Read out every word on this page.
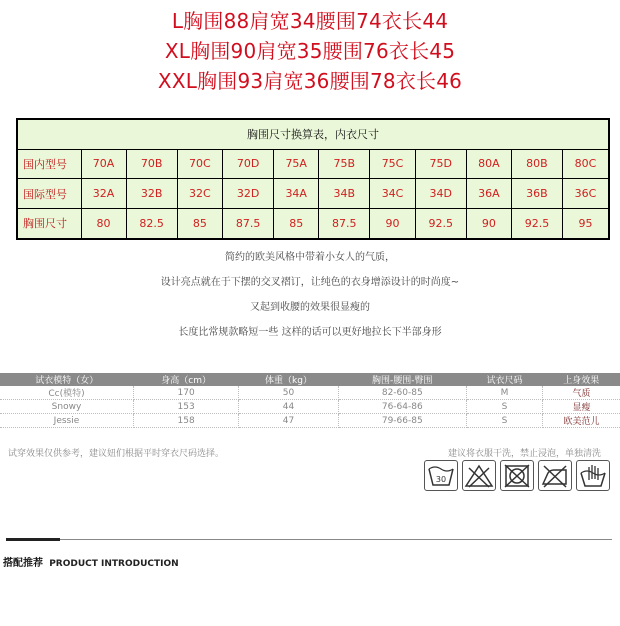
L胸围88肩宽34腰围74衣长44
XL胸围90肩宽35腰围76衣长45
XXL胸围93肩宽36腰围78衣长46
胸围尺寸换算表，内衣尺寸											
国内型号	70A	70B	70C	70D	75A	75B	75C	75D	80A	80B	80C
国际型号	32A	32B	32C	32D	34A	34B	34C	34D	36A	36B	36C
胸围尺寸	80	82.5	85	87.5	85	87.5	90	92.5	90	92.5	95

简约的欧美风格中带着小女人的气质，

设计亮点就在于下摆的交叉褶订，让纯色的衣身增添设计的时尚度~

又起到收腰的效果很显瘦的

长度比常规款略短一些 这样的话可以更好地拉长下半部身形

试衣模特（女）	身高（cm）	体重（kg）	胸围-腰围-臀围	试衣尺码	上身效果
Cc(模特)	170	50	82-60-85	M	气质
Snowy	153	44	76-64-86	S	显瘦
Jessie	158	47	79-66-85	S	欧美范儿
试穿效果仅供参考，建议妞们根据平时穿衣尺码选择。	建议将衣服干洗，禁止浸泡，单独清洗
30
搭配推荐 PRODUCT INTRODUCTION
